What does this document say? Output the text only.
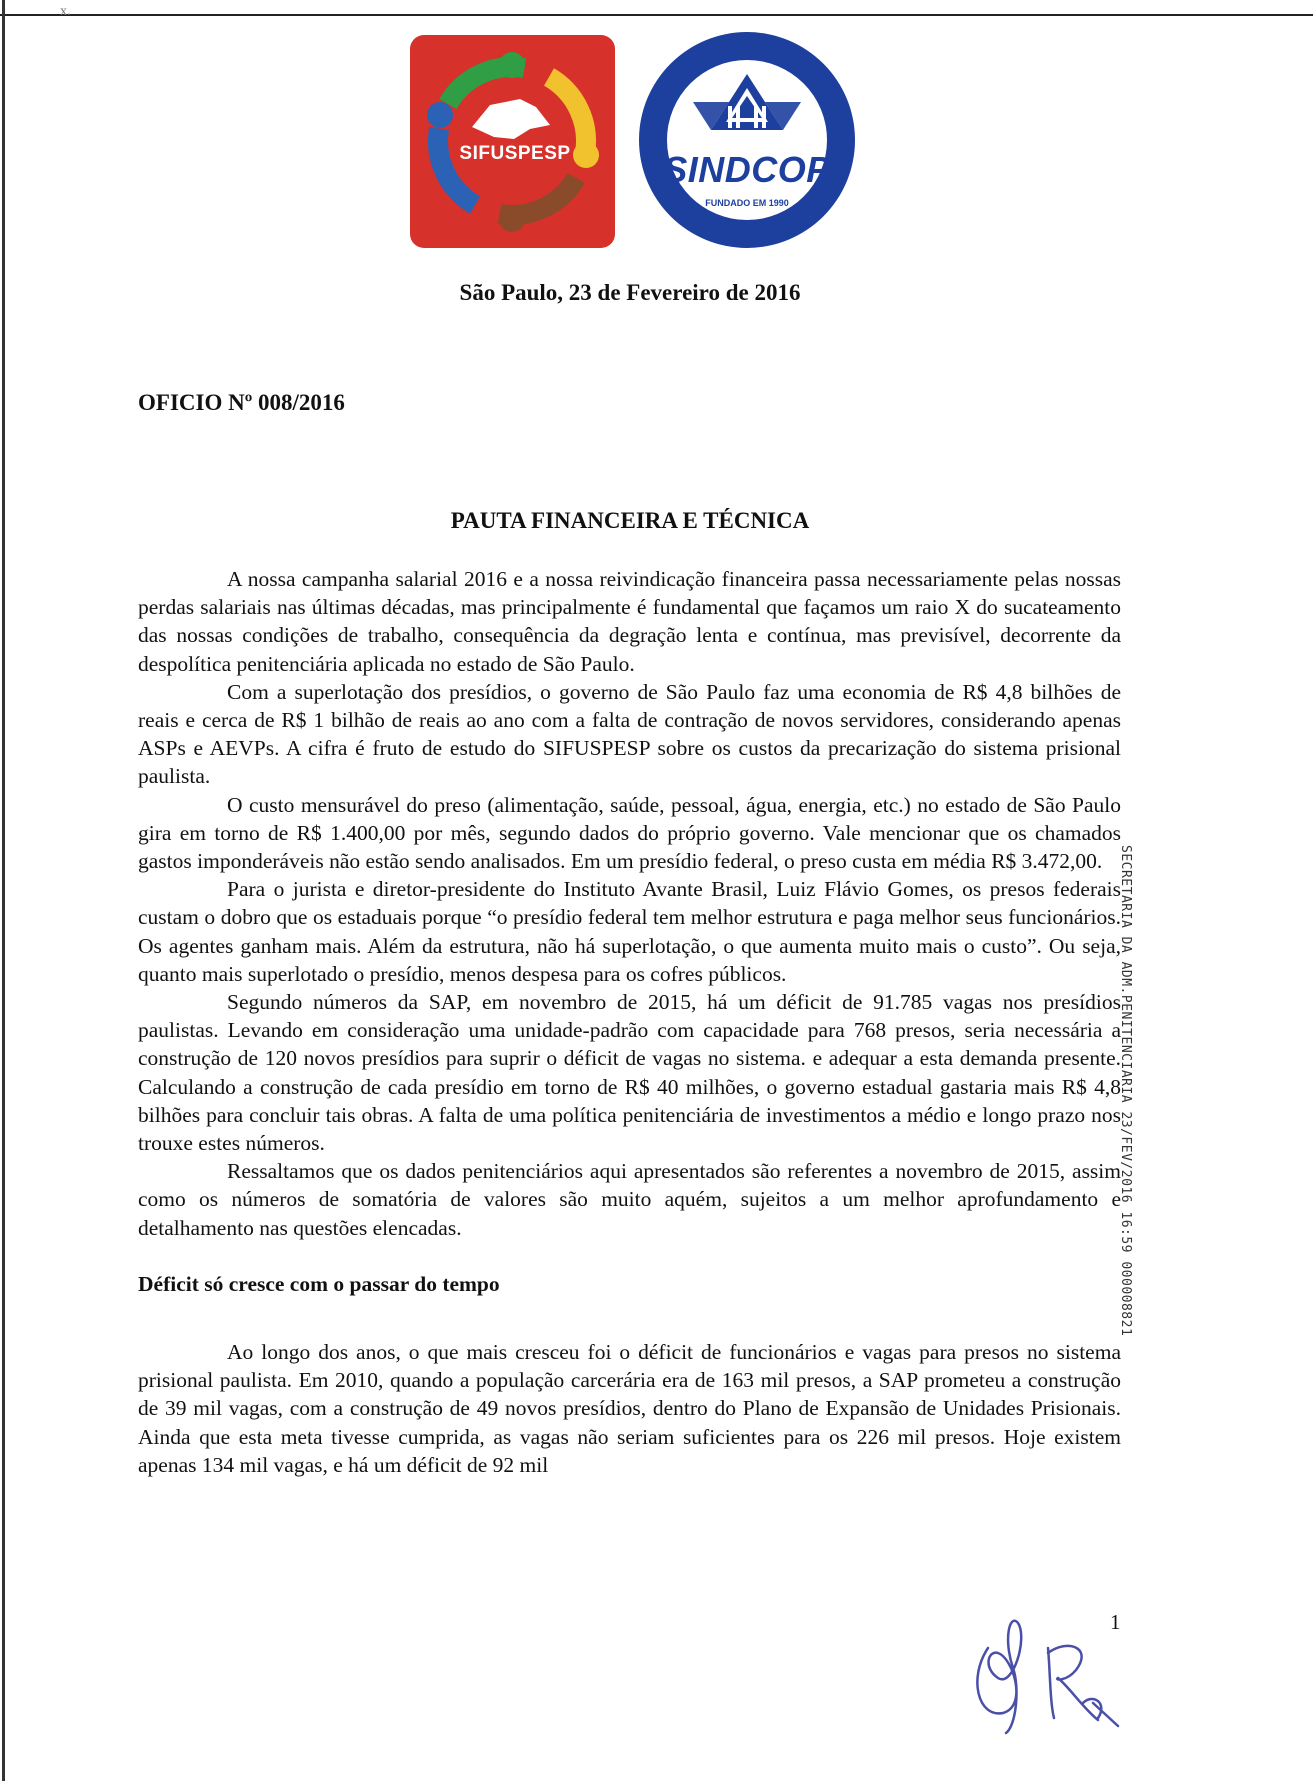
x.
SIFUSPESP	SINDCOP
FUNDADO EM 1990
São Paulo, 23 de Fevereiro de 2016
OFICIO Nº 008/2016
PAUTA FINANCEIRA E TÉCNICA

A nossa campanha salarial 2016 e a nossa reivindicação financeira passa necessariamente pelas nossas perdas salariais nas últimas décadas, mas principalmente é fundamental que façamos um raio X do sucateamento das nossas condições de trabalho, consequência da degração lenta e contínua, mas previsível, decorrente da despolítica penitenciária aplicada no estado de São Paulo.

Com a superlotação dos presídios, o governo de São Paulo faz uma economia de R$ 4,8 bilhões de reais e cerca de R$ 1 bilhão de reais ao ano com a falta de contração de novos servidores, considerando apenas ASPs e AEVPs. A cifra é fruto de estudo do SIFUSPESP sobre os custos da precarização do sistema prisional paulista.

O custo mensurável do preso (alimentação, saúde, pessoal, água, energia, etc.) no estado de São Paulo gira em torno de R$ 1.400,00 por mês, segundo dados do próprio governo. Vale mencionar que os chamados gastos imponderáveis não estão sendo analisados. Em um presídio federal, o preso custa em média R$ 3.472,00.

Para o jurista e diretor-presidente do Instituto Avante Brasil, Luiz Flávio Gomes, os presos federais custam o dobro que os estaduais porque “o presídio federal tem melhor estrutura e paga melhor seus funcionários. Os agentes ganham mais. Além da estrutura, não há superlotação, o que aumenta muito mais o custo”. Ou seja, quanto mais superlotado o presídio, menos despesa para os cofres públicos.

Segundo números da SAP, em novembro de 2015, há um déficit de 91.785 vagas nos presídios paulistas. Levando em consideração uma unidade-padrão com capacidade para 768 presos, seria necessária a construção de 120 novos presídios para suprir o déficit de vagas no sistema. e adequar a esta demanda presente. Calculando a construção de cada presídio em torno de R$ 40 milhões, o governo estadual gastaria mais R$ 4,8 bilhões para concluir tais obras. A falta de uma política penitenciária de investimentos a médio e longo prazo nos trouxe estes números.

Ressaltamos que os dados penitenciários aqui apresentados são referentes a novembro de 2015, assim como os números de somatória de valores são muito aquém, sujeitos a um melhor aprofundamento e detalhamento nas questões elencadas.

Déficit só cresce com o passar do tempo

Ao longo dos anos, o que mais cresceu foi o déficit de funcionários e vagas para presos no sistema prisional paulista. Em 2010, quando a população carcerária era de 163 mil presos, a SAP prometeu a construção de 39 mil vagas, com a construção de 49 novos presídios, dentro do Plano de Expansão de Unidades Prisionais. Ainda que esta meta tivesse cumprida, as vagas não seriam suficientes para os 226 mil presos. Hoje existem apenas 134 mil vagas, e há um déficit de 92 mil

SECRETARIA DA ADM.PENITENCIARIA 23/FEV/2016 16:59 000008821
1
